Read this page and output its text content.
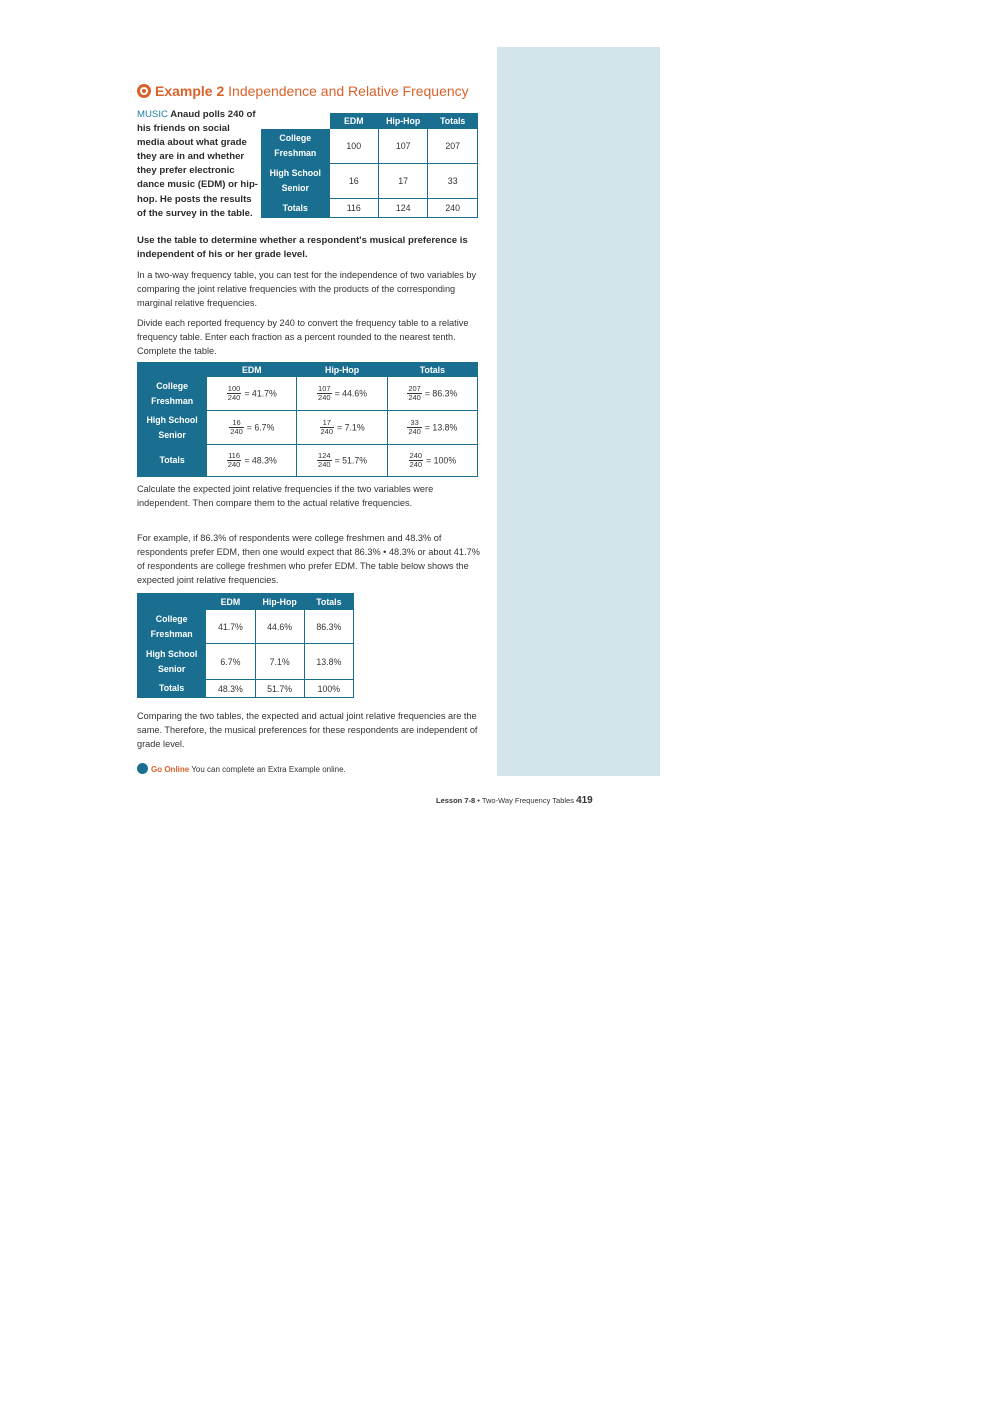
Example 2 Independence and Relative Frequency
MUSIC Anaud polls 240 of his friends on social media about what grade they are in and whether they prefer electronic dance music (EDM) or hip-hop. He posts the results of the survey in the table.
	EDM	Hip-Hop	Totals
College
Freshman	100	107	207
High School
Senior	16	17	33
Totals	116	124	240
Use the table to determine whether a respondent's musical preference is independent of his or her grade level.
In a two-way frequency table, you can test for the independence of two variables by comparing the joint relative frequencies with the products of the corresponding marginal relative frequencies.
Divide each reported frequency by 240 to convert the frequency table to a relative frequency table. Enter each fraction as a percent rounded to the nearest tenth. Complete the table.
	EDM	Hip-Hop	Totals
College
Freshman	$\frac{100}{240} = 41.7\%$	$\frac{107}{240} = 44.6\%$	$\frac{207}{240} = 86.3\%$
High School
Senior	$\frac{16}{240} = 6.7\%$	$\frac{17}{240} = 7.1\%$	$\frac{33}{240} = 13.8\%$
Totals	$\frac{116}{240} = 48.3\%$	$\frac{124}{240} = 51.7\%$	$\frac{240}{240} = 100\%$
Calculate the expected joint relative frequencies if the two variables were independent. Then compare them to the actual relative frequencies.
For example, if 86.3% of respondents were college freshmen and 48.3% of respondents prefer EDM, then one would expect that 86.3% • 48.3% or about 41.7% of respondents are college freshmen who prefer EDM. The table below shows the expected joint relative frequencies.
	EDM	Hip-Hop	Totals
College
Freshman	41.7%	44.6%	86.3%
High School
Senior	6.7%	7.1%	13.8%
Totals	48.3%	51.7%	100%
Comparing the two tables, the expected and actual joint relative frequencies are the same. Therefore, the musical preferences for these respondents are independent of grade level.
Go Online You can complete an Extra Example online.
Lesson 7-8 • Two-Way Frequency Tables 419
